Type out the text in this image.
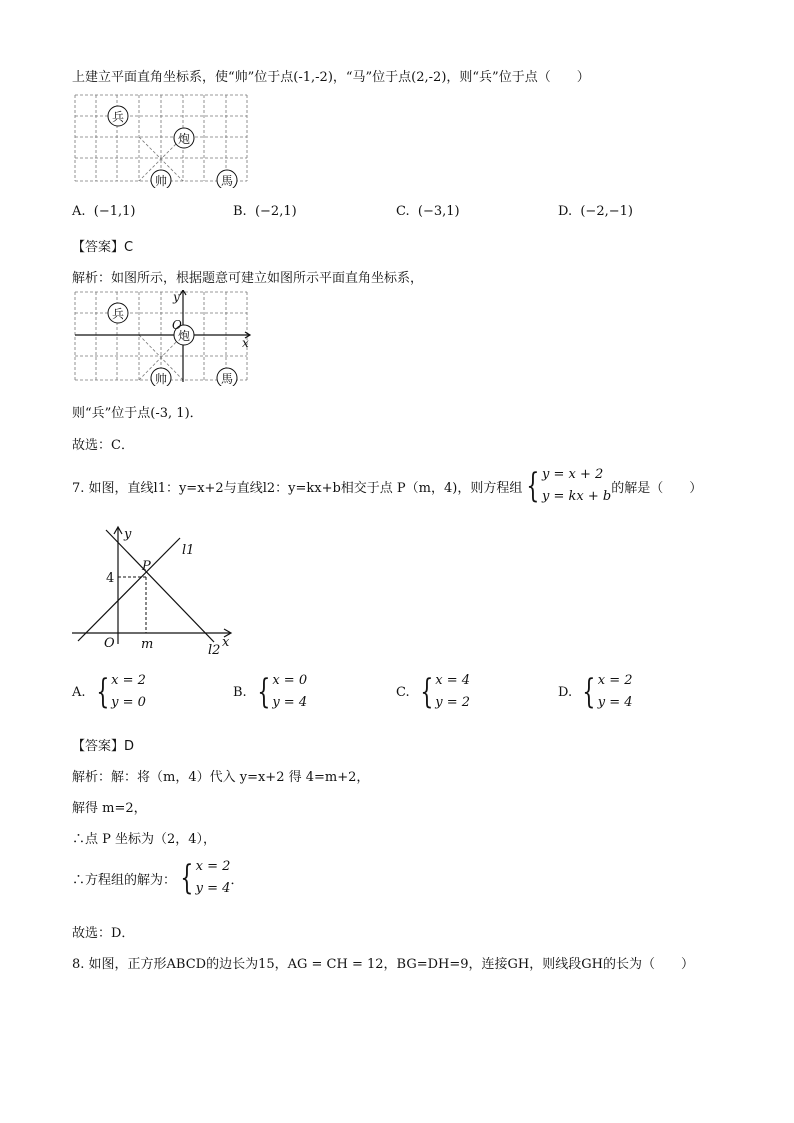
上建立平面直角坐标系，使“帅”位于点(-1,-2)，“马”位于点(2,-2)，则“兵”位于点（　　）
兵
炮
帅	馬
A. (−1,1)	B. (−2,1)	C. (−3,1)	D. (−2,−1)
【答案】C
解析：如图所示，根据题意可建立如图所示平面直角坐标系，
兵
炮
帅	馬
y
x
O
则“兵”位于点(-3, 1)．
故选：C．
7. 如图，直线l1：y=x+2与直线l2：y=kx+b相交于点 P（m，4)，则方程组 { y = x + 2
y = kx + b
的解是（　　）
y
x
P
m
O
l1
l2
4
A. { x = 2
y = 0
B. { x = 0
y = 4
C. { x = 4
y = 2
D. { x = 2
y = 4
【答案】D
解析：解：将（m，4）代入 y=x+2 得 4=m+2，
解得 m=2，
∴点 P 坐标为（2，4），
∴方程组的解为： { x = 2
y = 4
．
故选：D．
8. 如图，正方形ABCD的边长为15，AG = CH = 12，BG=DH=9，连接GH，则线段GH的长为（　　）
